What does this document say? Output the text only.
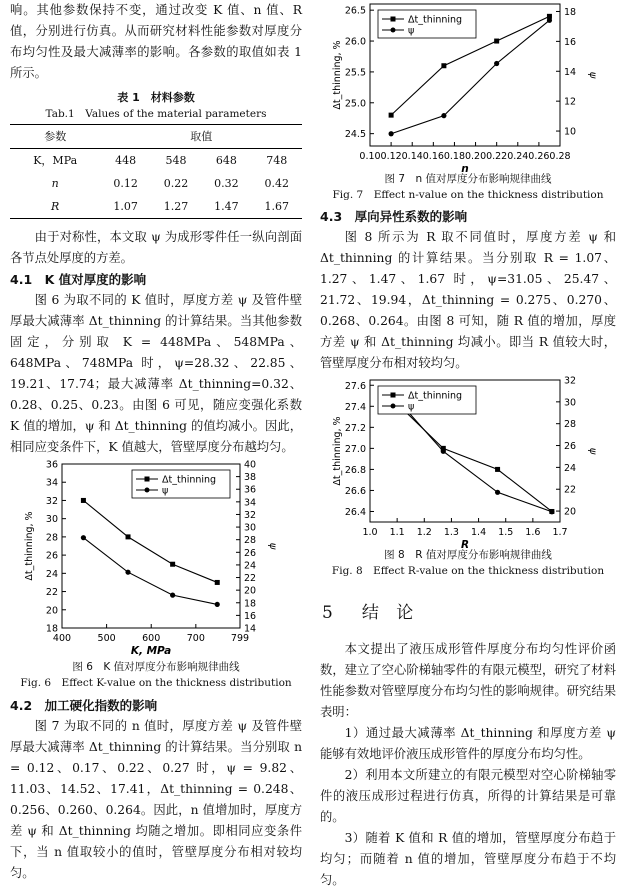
响。其他参数保持不变，通过改变 K 值、n 值、R 值，分别进行仿真。从而研究材料性能参数对厚度分布均匀性及最大减薄率的影响。各参数的取值如表 1 所示。

表 1　材料参数
Tab.1　Values of the material parameters
参数	取值			
K，MPa	448	548	648	748
n	0.12	0.22	0.32	0.42
R	1.07	1.27	1.47	1.67

由于对称性，本文取 ψ 为成形零件任一纵向剖面各节点处厚度的方差。

4.1　K 值对厚度的影响

图 6 为取不同的 K 值时，厚度方差 ψ 及管件壁厚最大减薄率 Δt_thinning 的计算结果。当其他参数固定，分别取 K = 448MPa、548MPa、648MPa、748MPa 时，ψ=28.32、22.85、19.21、17.74；最大减薄率 Δt_thinning=0.32、0.28、0.25、0.23。由图 6 可见，随应变强化系数 K 值的增加，ψ 和 Δt_thinning 的值均减小。因此，相同应变条件下，K 值越大，管壁厚度分布越均匀。

400	500	600	700	799
18
20
22
24
26
28
30
32
34
36
14
16
18
20
22
24
26
28
30
32
34
36
38
40
K, MPa
Δt_thinning, %	ψ
Δt_thinning
ψ
图 6　K 值对厚度分布影响规律曲线
Fig. 6　Effect K-value on the thickness distribution
4.2　加工硬化指数的影响

图 7 为取不同的 n 值时，厚度方差 ψ 及管件壁厚最大减薄率 Δt_thinning 的计算结果。当分别取 n = 0.12、0.17、0.22、0.27 时，ψ = 9.82、11.03、14.52、17.41，Δt_thinning = 0.248、0.256、0.260、0.264。因此，n 值增加时，厚度方差 ψ 和 Δt_thinning 均随之增加。即相同应变条件下，当 n 值取较小的值时，管壁厚度分布相对较均匀。

0.10 0.12 0.14 0.16 0.18 0.20 0.22 0.24 0.26 0.28
24.5
25.0
25.5
26.0
26.5
10
12
14
16
18
n
Δt_thinning, %	ψ
Δt_thinning
ψ
图 7　n 值对厚度分布影响规律曲线
Fig. 7　Effect n-value on the thickness distribution
4.3　厚向异性系数的影响

图 8 所示为 R 取不同值时，厚度方差 ψ 和 Δt_thinning 的计算结果。当分别取 R = 1.07、1.27、1.47、1.67 时，ψ=31.05、25.47、21.72、19.94，Δt_thinning = 0.275、0.270、0.268、0.264。由图 8 可知，随 R 值的增加，厚度方差 ψ 和 Δt_thinning 均减小。即当 R 值较大时，管壁厚度分布相对较均匀。

1.0 1.1 1.2 1.3 1.4 1.5 1.6 1.7
26.4
26.6
26.8
27.0
27.2
27.4
27.6
20
22
24
26
28
30
32
R
Δt_thinning, %	ψ
Δt_thinning
ψ
图 8　R 值对厚度分布影响规律曲线
Fig. 8　Effect R-value on the thickness distribution
5　结 论

本文提出了液压成形管件厚度分布均匀性评价函数，建立了空心阶梯轴零件的有限元模型，研究了材料性能参数对管壁厚度分布均匀性的影响规律。研究结果表明：

1）通过最大减薄率 Δt_thinning 和厚度方差 ψ 能够有效地评价液压成形管件的厚度分布均匀性。

2）利用本文所建立的有限元模型对空心阶梯轴零件的液压成形过程进行仿真，所得的计算结果是可靠的。

3）随着 K 值和 R 值的增加，管壁厚度分布趋于均匀；而随着 n 值的增加，管壁厚度分布趋于不均匀。
